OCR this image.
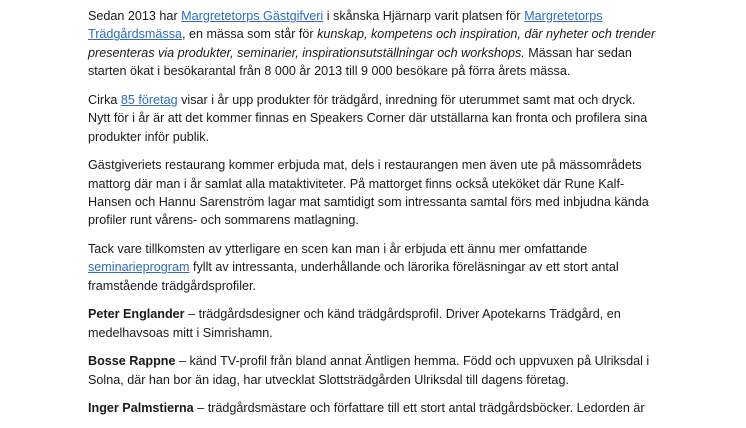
Sedan 2013 har Margretetorps Gästgifveri i skånska Hjärnarp varit platsen för Margretetorps Trädgårdsmässa, en mässa som står för kunskap, kompetens och inspiration, där nyheter och trender presenteras via produkter, seminarier, inspirationsutställningar och workshops. Mässan har sedan starten ökat i besökarantal från 8 000 år 2013 till 9 000 besökare på förra årets mässa.

Cirka 85 företag visar i år upp produkter för trädgård, inredning för uterummet samt mat och dryck. Nytt för i år är att det kommer finnas en Speakers Corner där utställarna kan fronta och profilera sina produkter inför publik.

Gästgiveriets restaurang kommer erbjuda mat, dels i restaurangen men även ute på mässområdets mattorg där man i år samlat alla mataktiviteter. På mattorget finns också uteköket där Rune Kalf-Hansen och Hannu Sarenström lagar mat samtidigt som intressanta samtal förs med inbjudna kända profiler runt vårens- och sommarens matlagning.

Tack vare tillkomsten av ytterligare en scen kan man i år erbjuda ett ännu mer omfattande seminarieprogram fyllt av intressanta, underhållande och lärorika föreläsningar av ett stort antal framstående trädgårdsprofiler.

Peter Englander – trädgårdsdesigner och känd trädgårdsprofil. Driver Apotekarns Trädgård, en medelhavsoas mitt i Simrishamn.

Bosse Rappne – känd TV-profil från bland annat Äntligen hemma. Född och uppvuxen på Ulriksdal i Solna, där han bor än idag, har utvecklat Slottsträdgården Ulriksdal till dagens företag.

Inger Palmstierna – trädgårdsmästare och författare till ett stort antal trädgårdsböcker. Ledorden är
